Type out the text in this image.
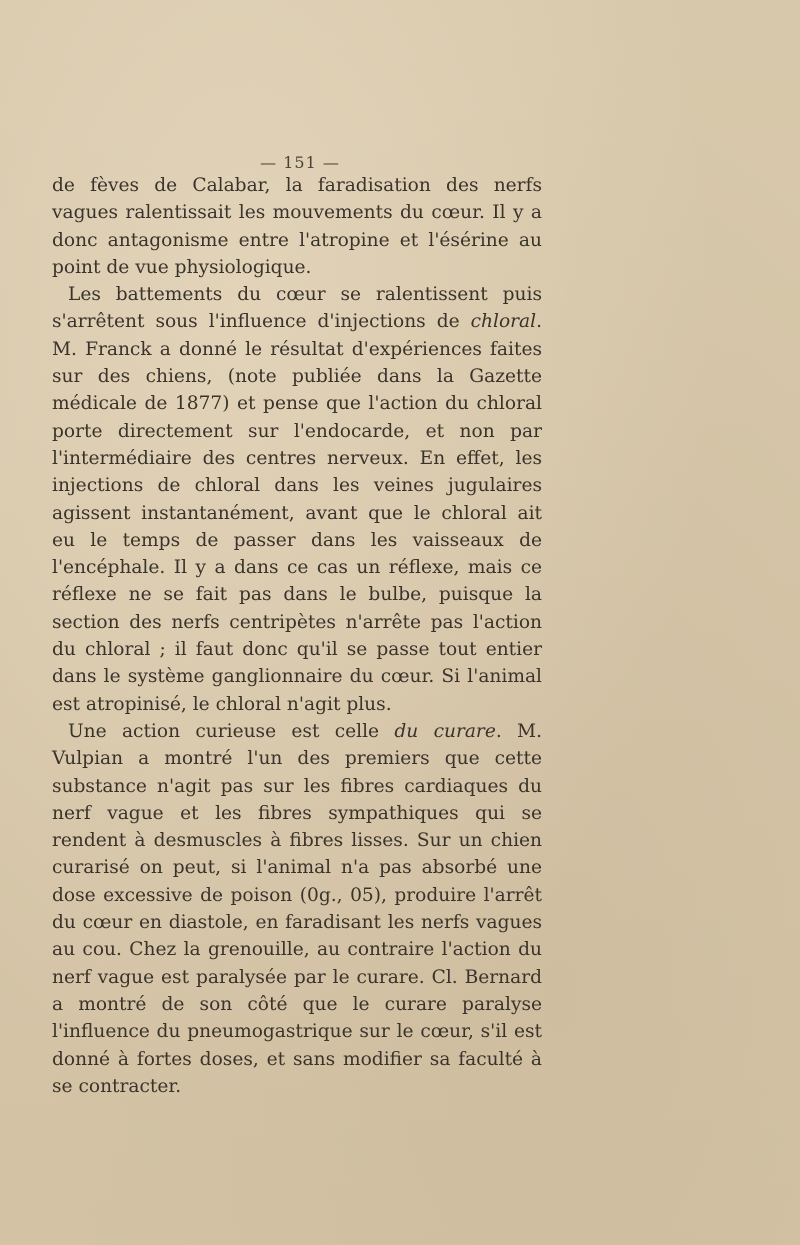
— 151 —

de fèves de Calabar, la faradisation des nerfs vagues ralentissait les mouvements du cœur. Il y a donc antagonisme entre l'atropine et l'ésérine au point de vue physiologique.

Les battements du cœur se ralentissent puis s'arrêtent sous l'influence d'injections de chloral. M. Franck a donné le résultat d'expériences faites sur des chiens, (note publiée dans la Gazette médicale de 1877) et pense que l'action du chloral porte directement sur l'endocarde, et non par l'intermédiaire des centres nerveux. En effet, les injections de chloral dans les veines jugulaires agissent instantanément, avant que le chloral ait eu le temps de passer dans les vaisseaux de l'encéphale. Il y a dans ce cas un réflexe, mais ce réflexe ne se fait pas dans le bulbe, puisque la section des nerfs centripètes n'arrête pas l'action du chloral ; il faut donc qu'il se passe tout entier dans le système ganglionnaire du cœur. Si l'animal est atropinisé, le chloral n'agit plus.

Une action curieuse est celle du curare. M. Vulpian a montré l'un des premiers que cette substance n'agit pas sur les fibres cardiaques du nerf vague et les fibres sympathiques qui se rendent à desmuscles à fibres lisses. Sur un chien curarisé on peut, si l'animal n'a pas absorbé une dose excessive de poison (0g., 05), produire l'arrêt du cœur en diastole, en faradisant les nerfs vagues au cou. Chez la grenouille, au contraire l'action du nerf vague est paralysée par le curare. Cl. Bernard a montré de son côté que le curare paralyse l'influence du pneumogastrique sur le cœur, s'il est donné à fortes doses, et sans modifier sa faculté à se contracter.
